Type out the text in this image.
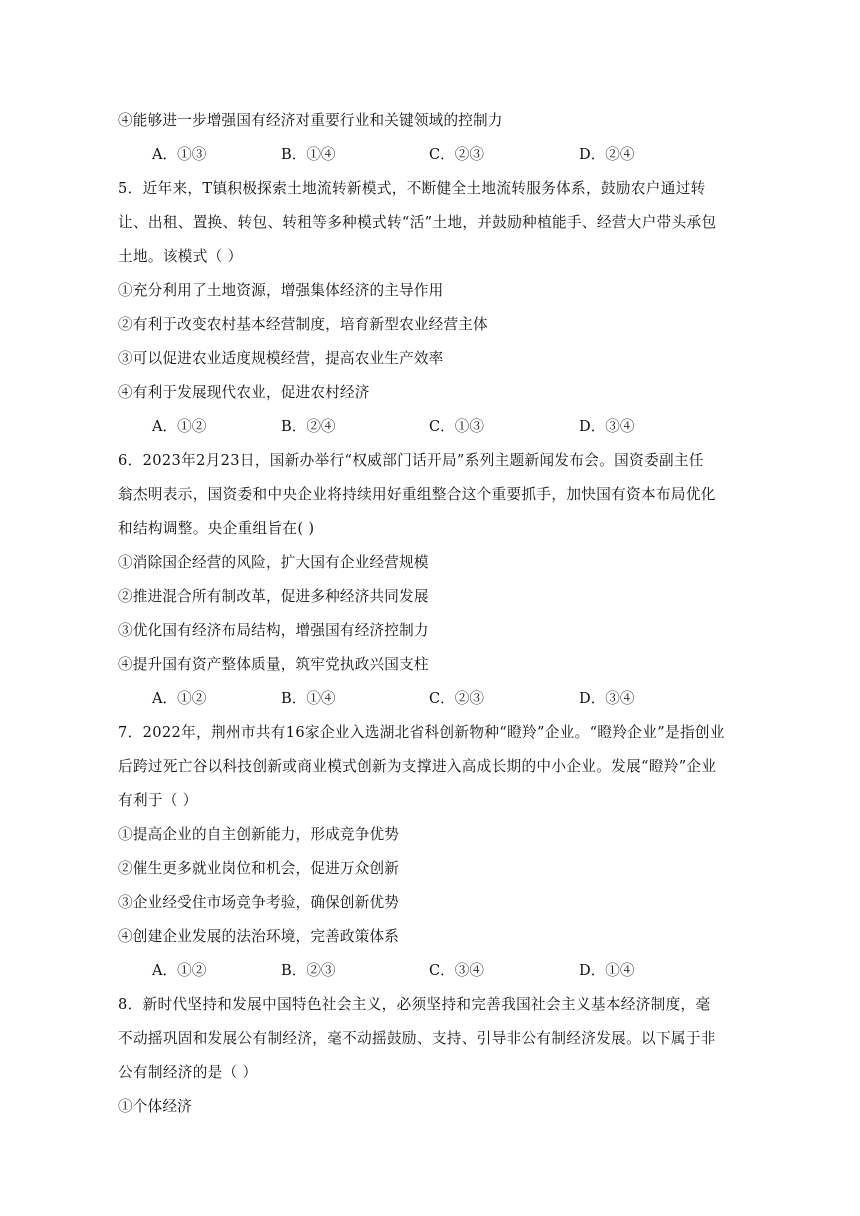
④能够进一步增强国有经济对重要行业和关键领域的控制力
A．①③	B．①④	C．②③	D．②④
5．近年来，T镇积极探索土地流转新模式，不断健全土地流转服务体系，鼓励农户通过转
让、出租、置换、转包、转租等多种模式转“活”土地，并鼓励种植能手、经营大户带头承包
土地。该模式（ ）
①充分利用了土地资源，增强集体经济的主导作用
②有利于改变农村基本经营制度，培育新型农业经营主体
③可以促进农业适度规模经营，提高农业生产效率
④有利于发展现代农业，促进农村经济
A．①②	B．②④	C．①③	D．③④
6．2023年2月23日，国新办举行“权威部门话开局”系列主题新闻发布会。国资委副主任
翁杰明表示，国资委和中央企业将持续用好重组整合这个重要抓手，加快国有资本布局优化
和结构调整。央企重组旨在( )
①消除国企经营的风险，扩大国有企业经营规模
②推进混合所有制改革，促进多种经济共同发展
③优化国有经济布局结构，增强国有经济控制力
④提升国有资产整体质量，筑牢党执政兴国支柱
A．①②	B．①④	C．②③	D．③④
7．2022年，荆州市共有16家企业入选湖北省科创新物种“瞪羚”企业。“瞪羚企业”是指创业
后跨过死亡谷以科技创新或商业模式创新为支撑进入高成长期的中小企业。发展“瞪羚”企业
有利于（ ）
①提高企业的自主创新能力，形成竞争优势
②催生更多就业岗位和机会，促进万众创新
③企业经受住市场竞争考验，确保创新优势
④创建企业发展的法治环境，完善政策体系
A．①②	B．②③	C．③④	D．①④
8．新时代坚持和发展中国特色社会主义，必须坚持和完善我国社会主义基本经济制度，毫
不动摇巩固和发展公有制经济，毫不动摇鼓励、支持、引导非公有制经济发展。以下属于非
公有制经济的是（ ）
①个体经济
